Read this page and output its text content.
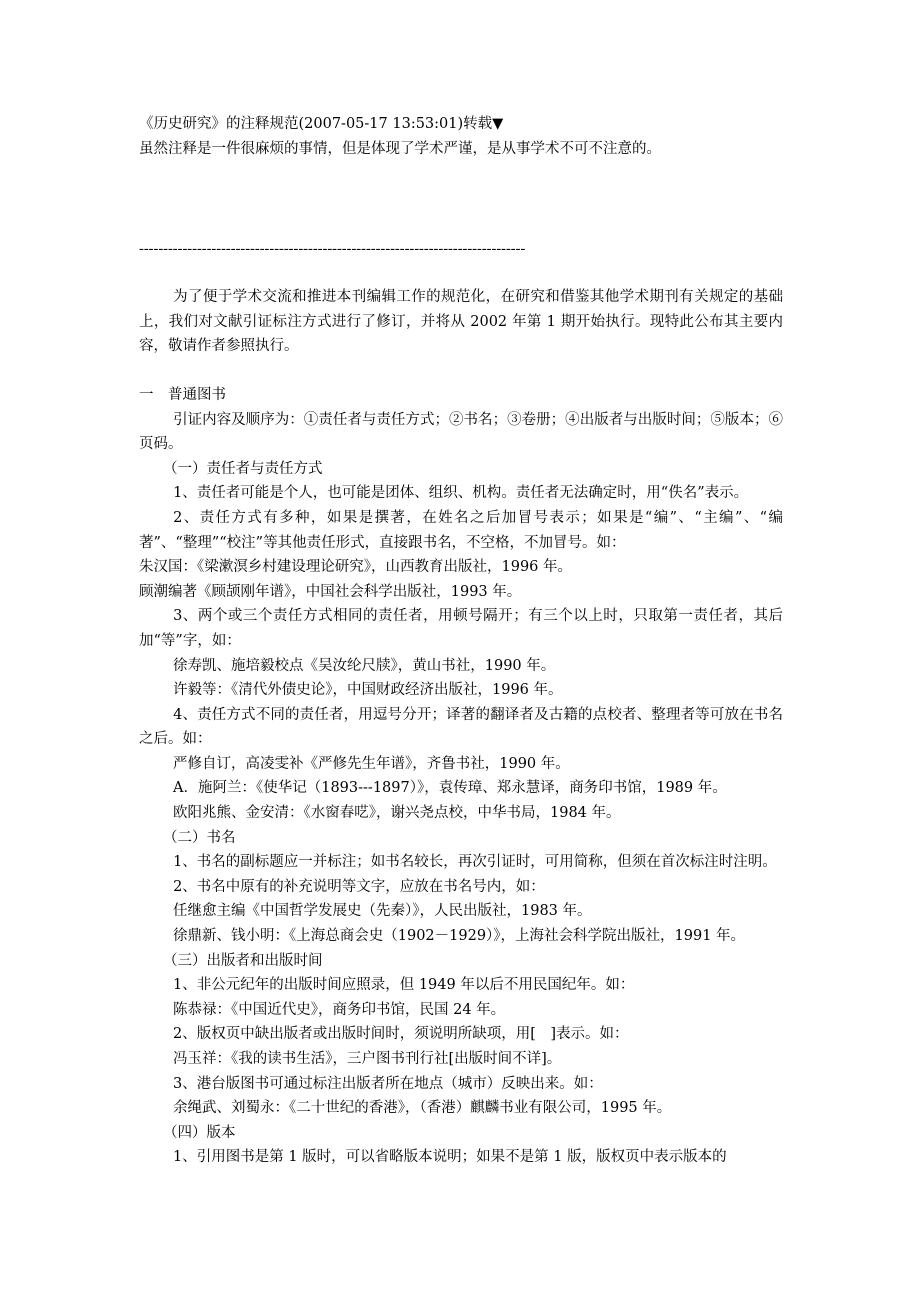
《历史研究》的注释规范(2007-05-17 13:53:01)转载▼
虽然注释是一件很麻烦的事情，但是体现了学术严谨，是从事学术不可不注意的。
--------------------------------------------------------------------------------

为了便于学术交流和推进本刊编辑工作的规范化，在研究和借鉴其他学术期刊有关规定的基础上，我们对文献引证标注方式进行了修订，并将从 2002 年第 1 期开始执行。现特此公布其主要内容，敬请作者参照执行。

一　普通图书

引证内容及顺序为：①责任者与责任方式；②书名；③卷册；④出版者与出版时间；⑤版本；⑥页码。

（一）责任者与责任方式

1、责任者可能是个人，也可能是团体、组织、机构。责任者无法确定时，用“佚名”表示。

2、责任方式有多种，如果是撰著，在姓名之后加冒号表示；如果是“编”、“主编”、“编著”、“整理”“校注”等其他责任形式，直接跟书名，不空格，不加冒号。如：

朱汉国：《梁漱溟乡村建设理论研究》，山西教育出版社，1996 年。
顾潮编著《顾颉刚年谱》，中国社会科学出版社，1993 年。

3、两个或三个责任方式相同的责任者，用顿号隔开；有三个以上时，只取第一责任者，其后加“等”字，如：

徐寿凯、施培毅校点《吴汝纶尺牍》，黄山书社，1990 年。
许毅等：《清代外债史论》，中国财政经济出版社，1996 年。

4、责任方式不同的责任者，用逗号分开；译著的翻译者及古籍的点校者、整理者等可放在书名之后。如：

严修自订，高凌雯补《严修先生年谱》，齐鲁书社，1990 年。
A．施阿兰：《使华记（1893---1897）》，袁传璋、郑永慧译，商务印书馆，1989 年。
欧阳兆熊、金安清：《水窗春呓》，谢兴尧点校，中华书局，1984 年。
（二）书名

1、书名的副标题应一并标注；如书名较长，再次引证时，可用简称，但须在首次标注时注明。

2、书名中原有的补充说明等文字，应放在书名号内，如：

任继愈主编《中国哲学发展史（先秦）》，人民出版社，1983 年。
徐鼎新、钱小明：《上海总商会史（1902－1929）》，上海社会科学院出版社，1991 年。
（三）出版者和出版时间
1、非公元纪年的出版时间应照录，但 1949 年以后不用民国纪年。如：
陈恭禄：《中国近代史》，商务印书馆，民国 24 年。
2、版权页中缺出版者或出版时间时，须说明所缺项，用[　]表示。如：
冯玉祥：《我的读书生活》，三户图书刊行社[出版时间不详]。
3、港台版图书可通过标注出版者所在地点（城市）反映出来。如：
余绳武、刘蜀永：《二十世纪的香港》，（香港）麒麟书业有限公司，1995 年。
（四）版本
1、引用图书是第 1 版时，可以省略版本说明；如果不是第 1 版，版权页中表示版本的
